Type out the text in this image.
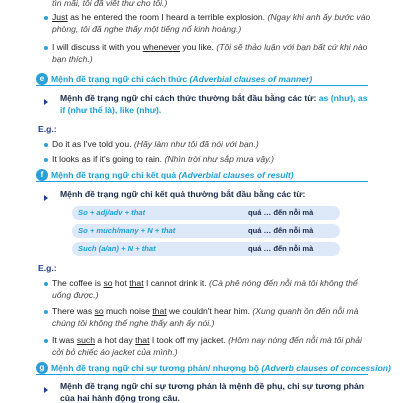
tìn mãi, tôi đã viết thư cho tôi.)
Just as he entered the room I heard a terrible explosion. (Ngay khi anh ấy bước vào
phòng, tôi đã nghe thấy một tiếng nổ kinh hoàng.)
I will discuss it with you whenever you like. (Tôi sẽ thảo luận với bạn bất cứ khi nào
bạn thích.)
e Mệnh đề trạng ngữ chỉ cách thức (Adverbial clauses of manner)
Mệnh đề trạng ngữ chỉ cách thức thường bắt đầu bằng các từ: as (như), as
if (như thể là), like (như).
E.g.:
Do it as I've told you. (Hãy làm như tôi đã nói với bạn.)
It looks as if it's going to rain. (Nhìn trời như sắp mưa vậy.)
f Mệnh đề trạng ngữ chỉ kết quả (Adverbial clauses of result)
Mệnh đề trạng ngữ chỉ kết quả thường bắt đầu bằng các từ:
So + adj/adv + that	quá … đến nỗi mà
So + much/many + N + that	quá … đến nỗi mà
Such (a/an) + N + that	quá … đến nỗi mà
E.g.:
The coffee is so hot that I cannot drink it. (Cà phê nóng đến nỗi mà tôi không thể
uống được.)
There was so much noise that we couldn't hear him. (Xung quanh ồn đến nỗi mà
chúng tôi không thể nghe thấy anh ấy nói.)
It was such a hot day that I took off my jacket. (Hôm nay nóng đến nỗi mà tôi phải
cởi bỏ chiếc áo jacket của mình.)
g Mệnh đề trạng ngữ chỉ sự tương phản/ nhượng bộ (Adverb clauses of concession)
Mệnh đề trạng ngữ chỉ sự tương phản là mệnh đề phụ, chỉ sự tương phản
của hai hành động trong câu.
